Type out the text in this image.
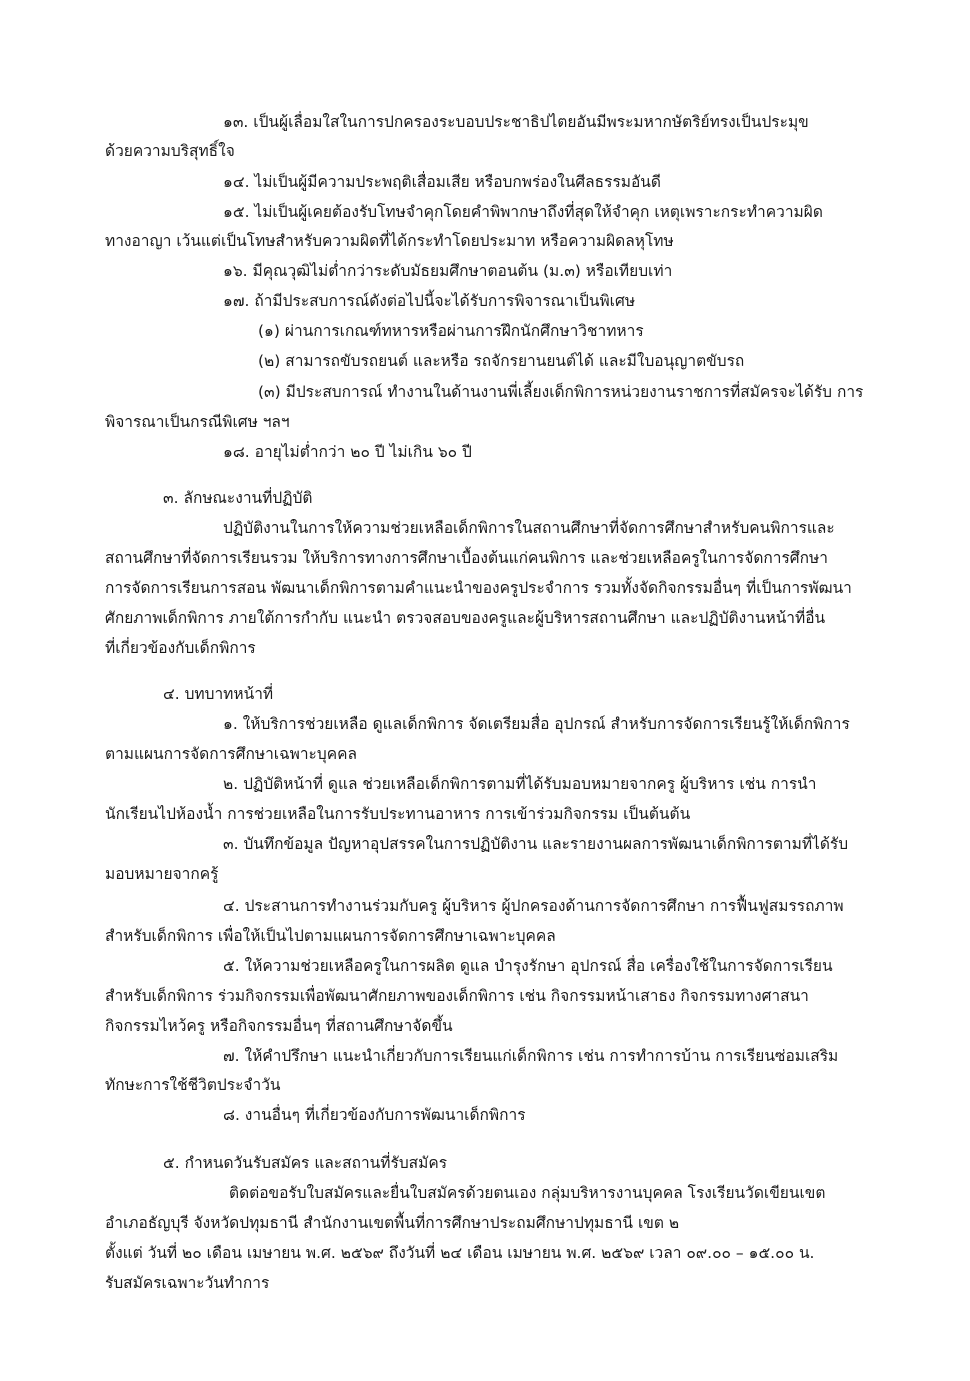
๑๓. เป็นผู้เลื่อมใสในการปกครองระบอบประชาธิปไตยอันมีพระมหากษัตริย์ทรงเป็นประมุข
ด้วยความบริสุทธิ์ใจ
๑๔. ไม่เป็นผู้มีความประพฤติเสื่อมเสีย หรือบกพร่องในศีลธรรมอันดี
๑๕. ไม่เป็นผู้เคยต้องรับโทษจำคุกโดยคำพิพากษาถึงที่สุดให้จำคุก เหตุเพราะกระทำความผิด
ทางอาญา เว้นแต่เป็นโทษสำหรับความผิดที่ได้กระทำโดยประมาท หรือความผิดลหุโทษ
๑๖. มีคุณวุฒิไม่ต่ำกว่าระดับมัธยมศึกษาตอนต้น (ม.๓) หรือเทียบเท่า
๑๗. ถ้ามีประสบการณ์ดังต่อไปนี้จะได้รับการพิจารณาเป็นพิเศษ
(๑) ผ่านการเกณฑ์ทหารหรือผ่านการฝึกนักศึกษาวิชาทหาร
(๒) สามารถขับรถยนต์ และหรือ รถจักรยานยนต์ได้ และมีใบอนุญาตขับรถ
(๓) มีประสบการณ์ ทำงานในด้านงานพี่เลี้ยงเด็กพิการหน่วยงานราชการที่สมัครจะได้รับ การ
พิจารณาเป็นกรณีพิเศษ ฯลฯ
๑๘. อายุไม่ต่ำกว่า ๒๐ ปี ไม่เกิน ๖๐ ปี
๓. ลักษณะงานที่ปฏิบัติ
ปฏิบัติงานในการให้ความช่วยเหลือเด็กพิการในสถานศึกษาที่จัดการศึกษาสำหรับคนพิการและ
สถานศึกษาที่จัดการเรียนรวม ให้บริการทางการศึกษาเบื้องต้นแก่คนพิการ และช่วยเหลือครูในการจัดการศึกษา
การจัดการเรียนการสอน พัฒนาเด็กพิการตามคำแนะนำของครูประจำการ รวมทั้งจัดกิจกรรมอื่นๆ ที่เป็นการพัฒนา
ศักยภาพเด็กพิการ ภายใต้การกำกับ แนะนำ ตรวจสอบของครูและผู้บริหารสถานศึกษา และปฏิบัติงานหน้าที่อื่น
ที่เกี่ยวข้องกับเด็กพิการ
๔. บทบาทหน้าที่
๑. ให้บริการช่วยเหลือ ดูแลเด็กพิการ จัดเตรียมสื่อ อุปกรณ์ สำหรับการจัดการเรียนรู้ให้เด็กพิการ
ตามแผนการจัดการศึกษาเฉพาะบุคคล
๒. ปฏิบัติหน้าที่ ดูแล ช่วยเหลือเด็กพิการตามที่ได้รับมอบหมายจากครู ผู้บริหาร เช่น การนำ
นักเรียนไปห้องน้ำ การช่วยเหลือในการรับประทานอาหาร การเข้าร่วมกิจกรรม เป็นต้นต้น
๓. บันทึกข้อมูล ปัญหาอุปสรรคในการปฏิบัติงาน และรายงานผลการพัฒนาเด็กพิการตามที่ได้รับ
มอบหมายจากครู้
๔. ประสานการทำงานร่วมกับครู ผู้บริหาร ผู้ปกครองด้านการจัดการศึกษา การฟื้นฟูสมรรถภาพ
สำหรับเด็กพิการ เพื่อให้เป็นไปตามแผนการจัดการศึกษาเฉพาะบุคคล
๕. ให้ความช่วยเหลือครูในการผลิต ดูแล บำรุงรักษา อุปกรณ์ สื่อ เครื่องใช้ในการจัดการเรียน
สำหรับเด็กพิการ ร่วมกิจกรรมเพื่อพัฒนาศักยภาพของเด็กพิการ เช่น กิจกรรมหน้าเสาธง กิจกรรมทางศาสนา
กิจกรรมไหว้ครู หรือกิจกรรมอื่นๆ ที่สถานศึกษาจัดขึ้น
๗. ให้คำปรึกษา แนะนำเกี่ยวกับการเรียนแก่เด็กพิการ เช่น การทำการบ้าน การเรียนซ่อมเสริม
ทักษะการใช้ชีวิตประจำวัน
๘. งานอื่นๆ ที่เกี่ยวข้องกับการพัฒนาเด็กพิการ
๕. กำหนดวันรับสมัคร และสถานที่รับสมัคร
ติดต่อขอรับใบสมัครและยื่นใบสมัครด้วยตนเอง กลุ่มบริหารงานบุคคล โรงเรียนวัดเขียนเขต
อำเภอธัญบุรี จังหวัดปทุมธานี สำนักงานเขตพื้นที่การศึกษาประถมศึกษาปทุมธานี เขต ๒
ตั้งแต่ วันที่ ๒๐ เดือน เมษายน พ.ศ. ๒๕๖๙ ถึงวันที่ ๒๔ เดือน เมษายน พ.ศ. ๒๕๖๙ เวลา ๐๙.๐๐ – ๑๕.๐๐ น.
รับสมัครเฉพาะวันทำการ
